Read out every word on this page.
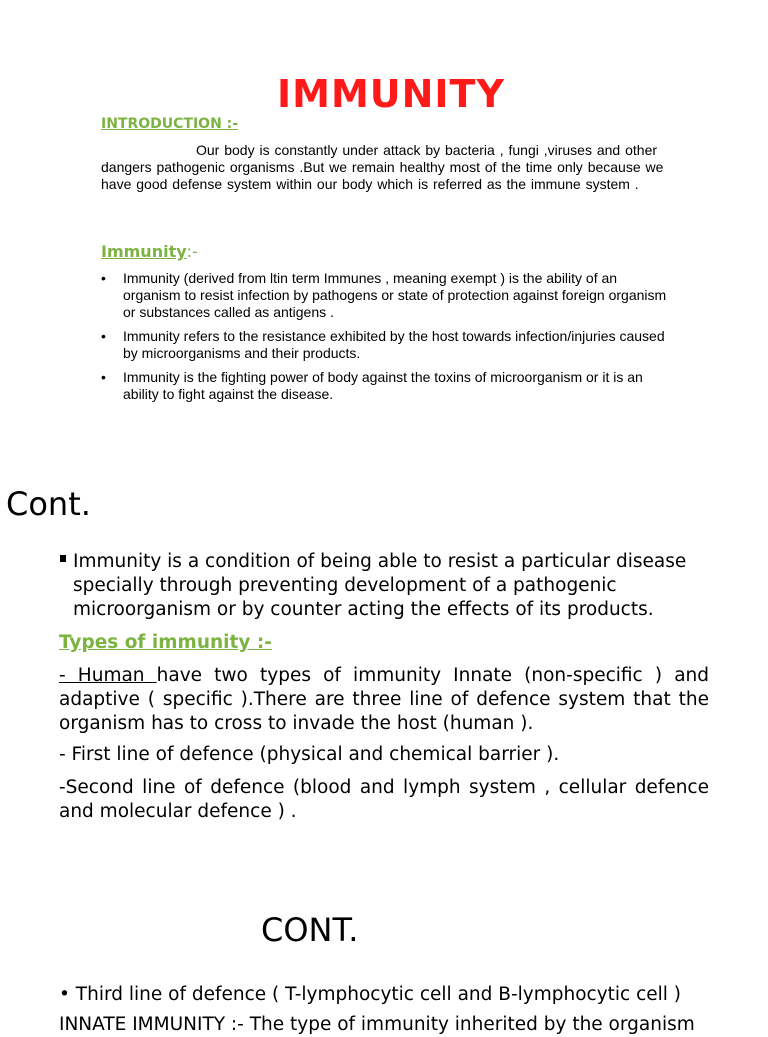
IMMUNITY
INTRODUCTION :-
Our body is constantly under attack by bacteria , fungi ,viruses and other dangers pathogenic organisms .But we remain healthy most of the time only because we have good defense system within our body which is referred as the immune system .
Immunity:-
• Immunity (derived from ltin term Immunes , meaning exempt ) is the ability of an organism to resist infection by pathogens or state of protection against foreign organism or substances called as antigens .
• Immunity refers to the resistance exhibited by the host towards infection/injuries caused by microorganisms and their products.
• Immunity is the fighting power of body against the toxins of microorganism or it is an ability to fight against the disease.
Cont.
Immunity is a condition of being able to resist a particular disease specially through preventing development of a pathogenic microorganism or by counter acting the effects of its products.
Types of immunity :-
- Human have two types of immunity Innate (non-specific ) and adaptive ( specific ).There are three line of defence system that the organism has to cross to invade the host (human ).
- First line of defence (physical and chemical barrier ).
-Second line of defence (blood and lymph system , cellular defence and molecular defence ) .
CONT.
• Third line of defence ( T-lymphocytic cell and B-lymphocytic cell )
INNATE IMMUNITY :- The type of immunity inherited by the organism
